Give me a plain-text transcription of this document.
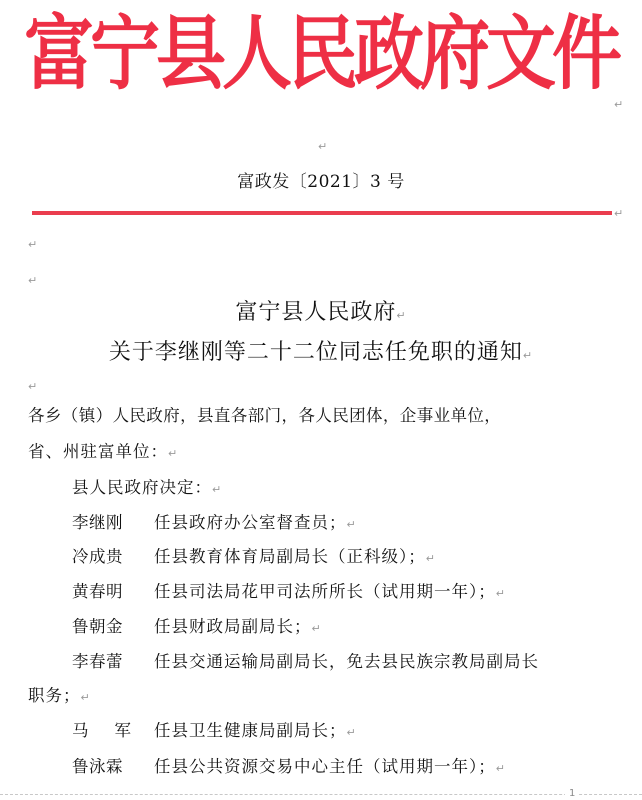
富宁县人民政府文件
↵
↵
富政发〔2021〕3 号
↵
↵
↵
富宁县人民政府↵
关于李继刚等二十二位同志任免职的通知↵
↵
各乡（镇）人民政府，县直各部门，各人民团体，企事业单位，
省、州驻富单位：↵
县人民政府决定：↵
李继刚 任县政府办公室督查员；↵
冷成贵 任县教育体育局副局长（正科级）；↵
黄春明 任县司法局花甲司法所所长（试用期一年）；↵
鲁朝金 任县财政局副局长；↵
李春蕾 任县交通运输局副局长，免去县民族宗教局副局长
职务；↵
马军任县卫生健康局副局长；↵
鲁泳霖 任县公共资源交易中心主任（试用期一年）；↵
1
